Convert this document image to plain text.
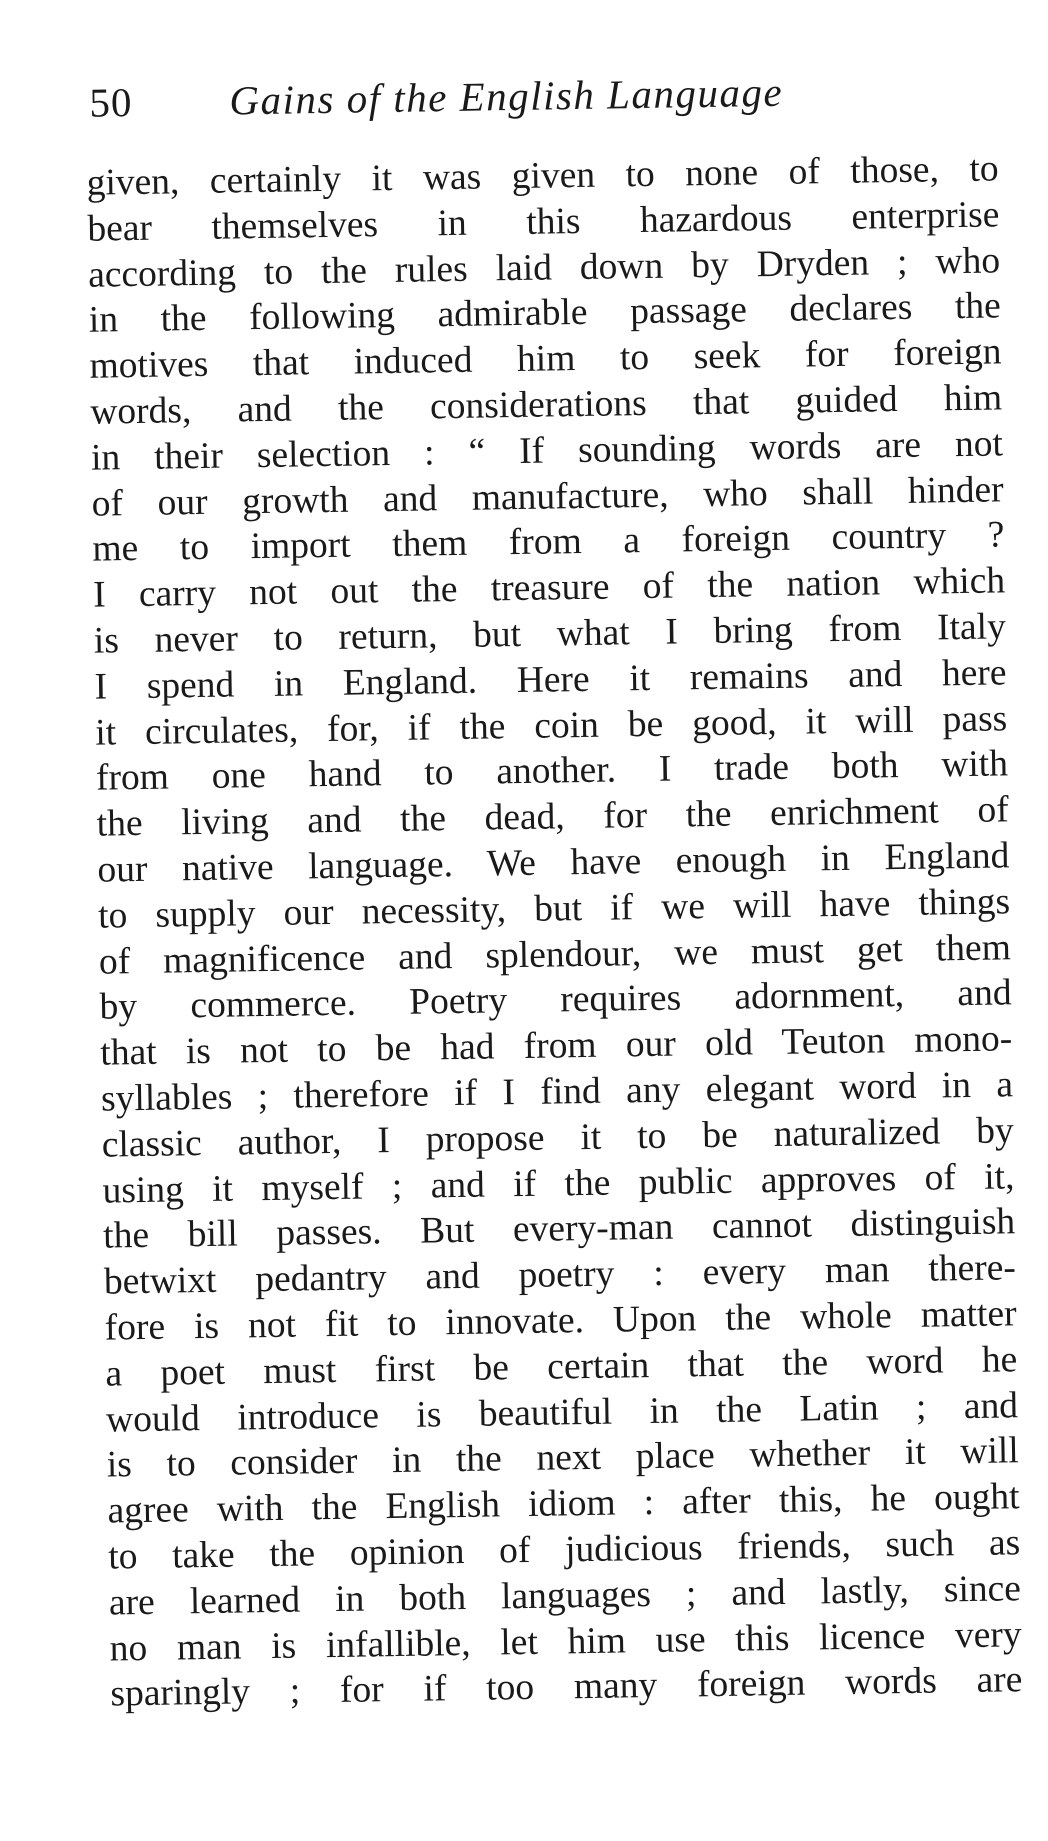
50 Gains of the English Language
given, certainly it was given to none of those, to
bear themselves in this hazardous enterprise
according to the rules laid down by Dryden ; who
in the following admirable passage declares the
motives that induced him to seek for foreign
words, and the considerations that guided him
in their selection : “ If sounding words are not
of our growth and manufacture, who shall hinder
me to import them from a foreign country ?
I carry not out the treasure of the nation which
is never to return, but what I bring from Italy
I spend in England. Here it remains and here
it circulates, for, if the coin be good, it will pass
from one hand to another. I trade both with
the living and the dead, for the enrichment of
our native language. We have enough in England
to supply our necessity, but if we will have things
of magnificence and splendour, we must get them
by commerce. Poetry requires adornment, and
that is not to be had from our old Teuton mono-
syllables ; therefore if I find any elegant word in a
classic author, I propose it to be naturalized by
using it myself ; and if the public approves of it,
the bill passes. But every-man cannot distinguish
betwixt pedantry and poetry : every man there-
fore is not fit to innovate. Upon the whole matter
a poet must first be certain that the word he
would introduce is beautiful in the Latin ; and
is to consider in the next place whether it will
agree with the English idiom : after this, he ought
to take the opinion of judicious friends, such as
are learned in both languages ; and lastly, since
no man is infallible, let him use this licence very
sparingly ; for if too many foreign words are
